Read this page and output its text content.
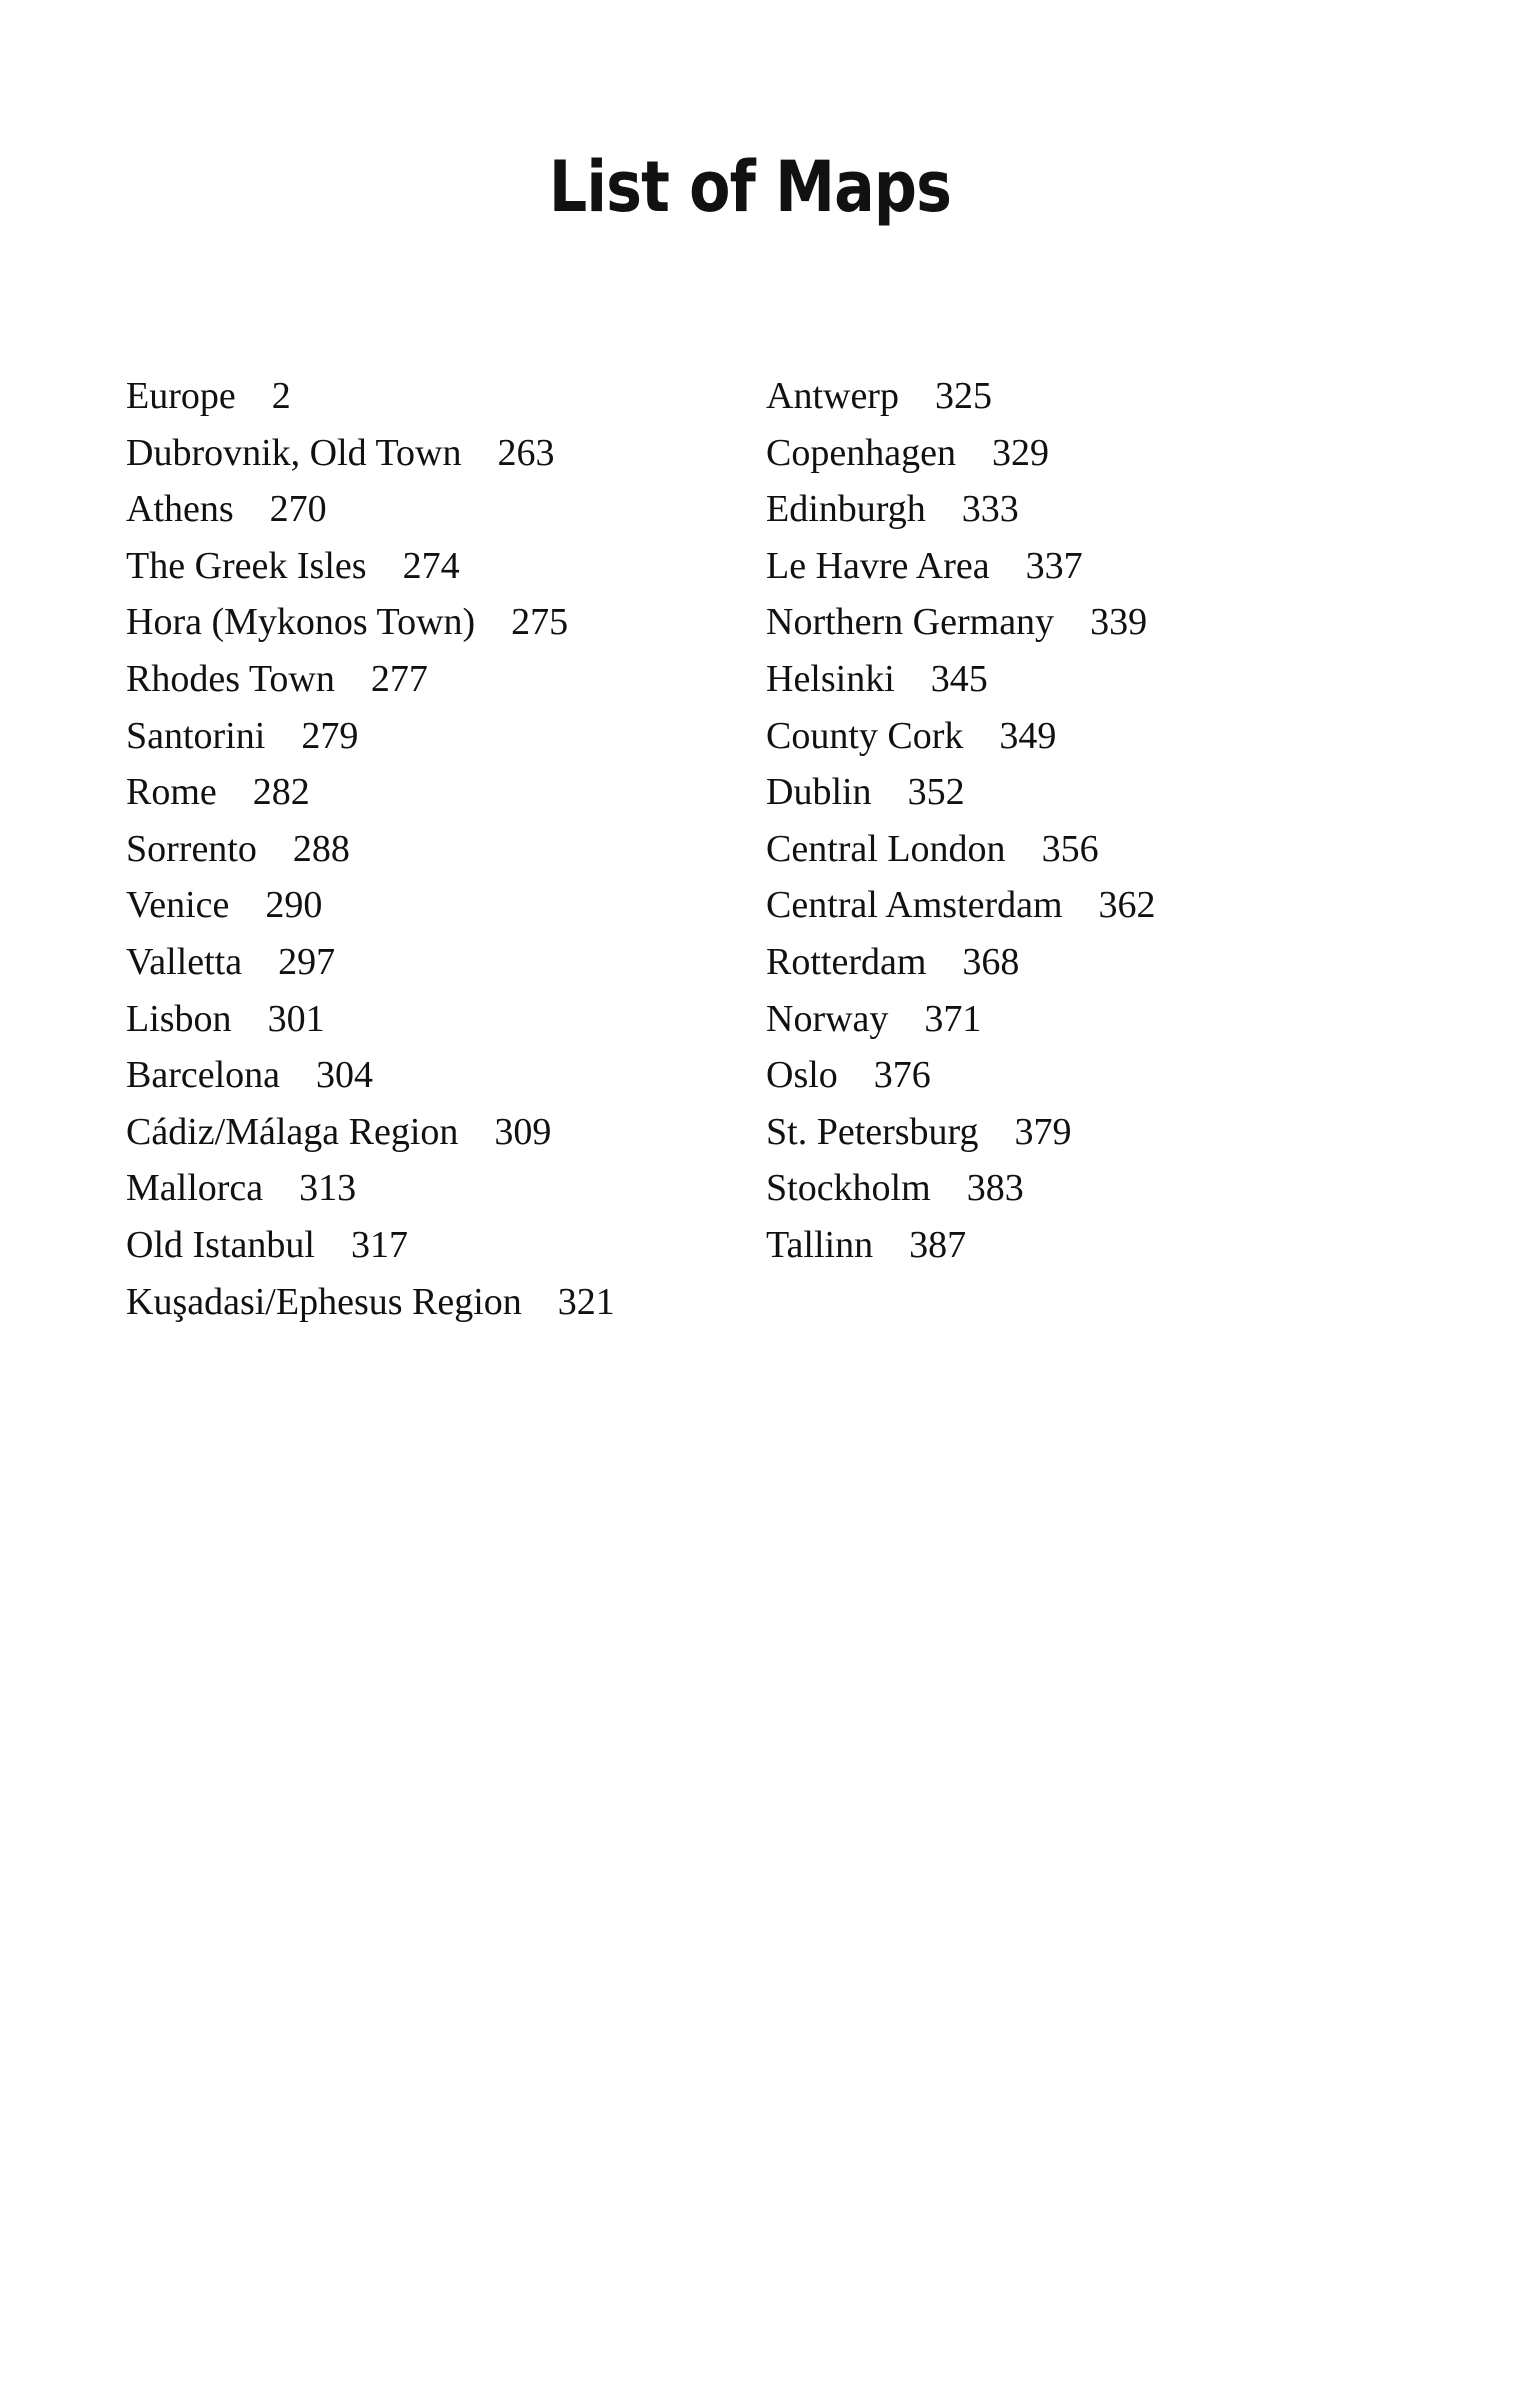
List of Maps
Europe 2
Dubrovnik, Old Town 263
Athens 270
The Greek Isles 274
Hora (Mykonos Town) 275
Rhodes Town 277
Santorini 279
Rome 282
Sorrento 288
Venice 290
Valletta 297
Lisbon 301
Barcelona 304
Cádiz/Málaga Region 309
Mallorca 313
Old Istanbul 317
Kuşadasi/Ephesus Region 321
Antwerp 325
Copenhagen 329
Edinburgh 333
Le Havre Area 337
Northern Germany 339
Helsinki 345
County Cork 349
Dublin 352
Central London 356
Central Amsterdam 362
Rotterdam 368
Norway 371
Oslo 376
St. Petersburg 379
Stockholm 383
Tallinn 387
